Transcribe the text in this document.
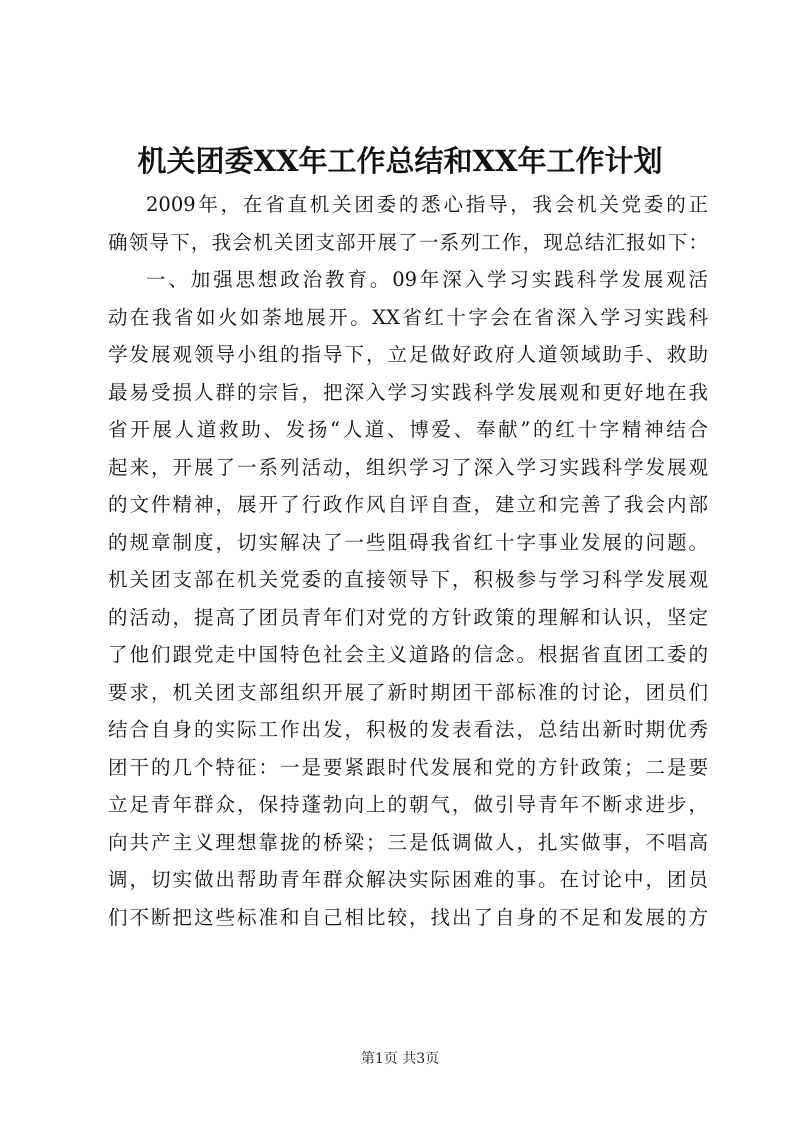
机关团委XX年工作总结和XX年工作计划
2009年，在省直机关团委的悉心指导，我会机关党委的正
确领导下，我会机关团支部开展了一系列工作，现总结汇报如下：
一、加强思想政治教育。09年深入学习实践科学发展观活
动在我省如火如荼地展开。XX省红十字会在省深入学习实践科
学发展观领导小组的指导下，立足做好政府人道领域助手、救助
最易受损人群的宗旨，把深入学习实践科学发展观和更好地在我
省开展人道救助、发扬“人道、博爱、奉献”的红十字精神结合
起来，开展了一系列活动，组织学习了深入学习实践科学发展观
的文件精神，展开了行政作风自评自查，建立和完善了我会内部
的规章制度，切实解决了一些阻碍我省红十字事业发展的问题。
机关团支部在机关党委的直接领导下，积极参与学习科学发展观
的活动，提高了团员青年们对党的方针政策的理解和认识，坚定
了他们跟党走中国特色社会主义道路的信念。根据省直团工委的
要求，机关团支部组织开展了新时期团干部标准的讨论，团员们
结合自身的实际工作出发，积极的发表看法，总结出新时期优秀
团干的几个特征：一是要紧跟时代发展和党的方针政策；二是要
立足青年群众，保持蓬勃向上的朝气，做引导青年不断求进步，
向共产主义理想靠拢的桥梁；三是低调做人，扎实做事，不唱高
调，切实做出帮助青年群众解决实际困难的事。在讨论中，团员
们不断把这些标准和自己相比较，找出了自身的不足和发展的方
第1页 共3页
